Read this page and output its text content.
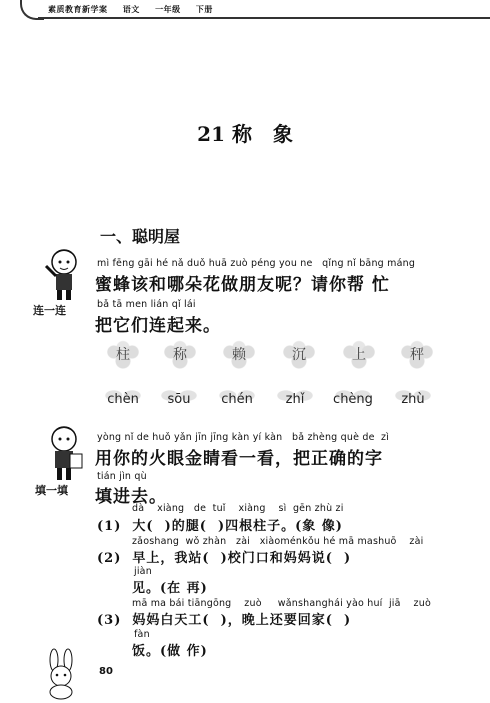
素质教育新学案 语文 一年级 下册
21 称   象
一、聪明屋
连一连
mì fēng gāi hé nǎ duǒ huā zuò péng you ne   qǐng nǐ bāng máng
蜜蜂该和哪朵花做朋友呢？请你帮 忙
bǎ tā men lián qǐ lái
把它们连起来。
柱	称	赖	沉	上	秤
chèn	sōu	chén	zhǐ	chèng	zhù
填一填
yòng nǐ de huǒ yǎn jīn jīng kàn yí kàn   bǎ zhèng què de  zì
用你的火眼金睛看一看，把正确的字
tián jìn qù
填进去。
dà    xiàng   de  tuǐ    xiàng    sì  gēn zhù zi
(1)  大(  )的腿(  )四根柱子。(象 像)
zǎoshang  wǒ zhàn   zài   xiàoménkǒu hé mā mashuō    zài
(2)  早上，我站(  )校门口和妈妈说(  )
jiàn
见。(在 再)
mā ma bái tiāngōng    zuò     wǎnshanghái yào huí  jiā    zuò
(3)  妈妈白天工(  )，晚上还要回家(  )
fàn
饭。(做 作)
80
